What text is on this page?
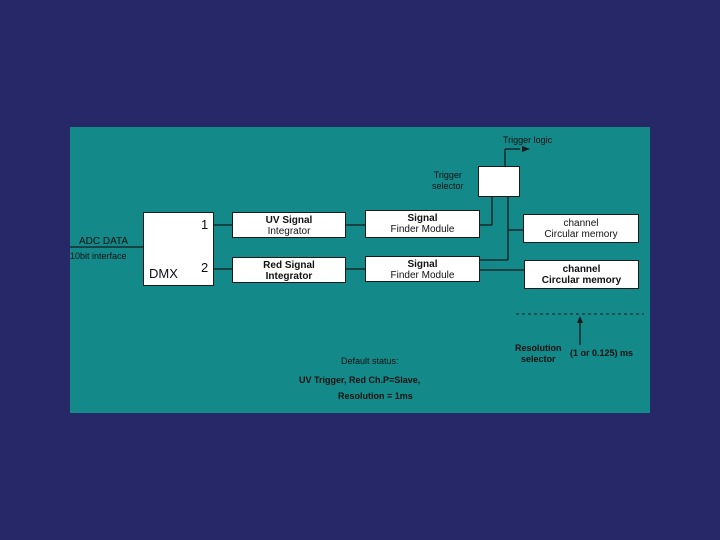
Trigger logic
Trigger
selector
ADC DATA
10bit interface
DMX
1
2
UV Signal
Integrator
Red Signal
Integrator
Signal
Finder Module
Signal
Finder Module
channel
Circular memory
channel
Circular memory
Resolution
selector
(1 or 0.125) ms
Default status:
UV Trigger, Red Ch.P=Slave,
Resolution = 1ms
